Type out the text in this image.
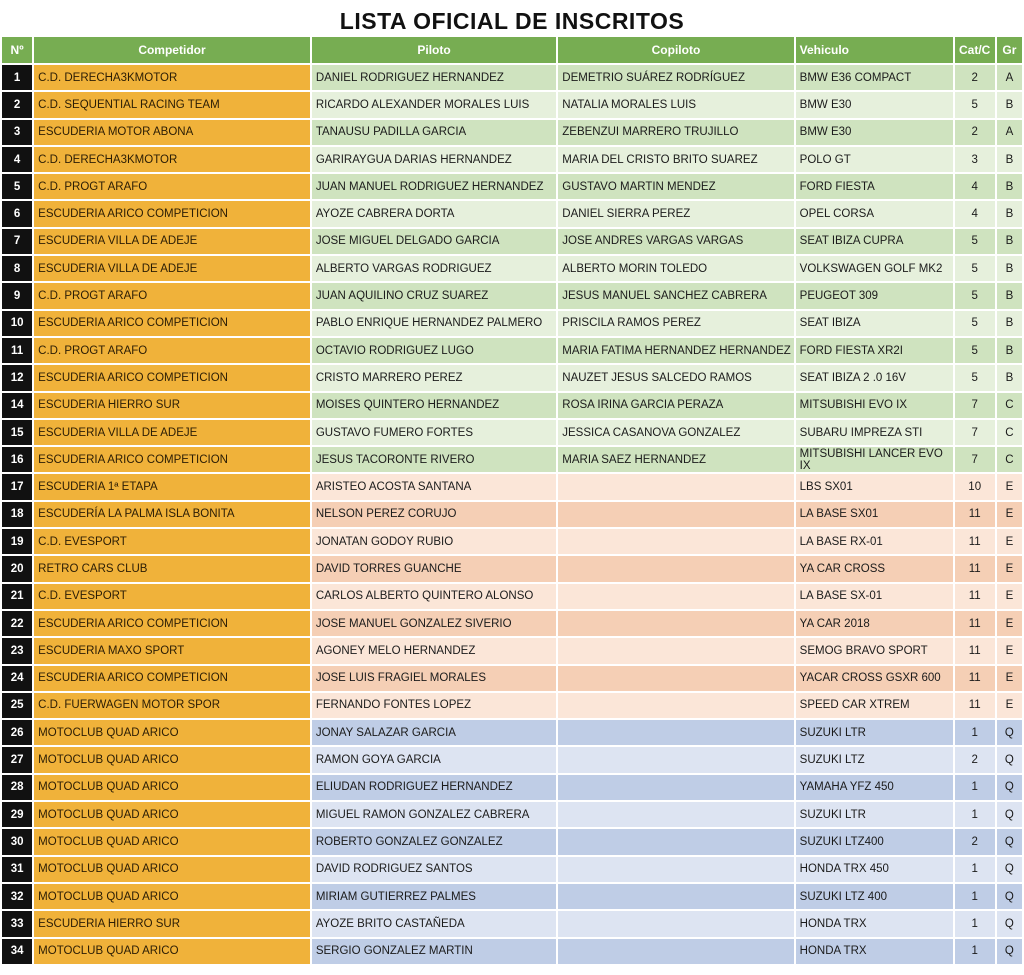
LISTA OFICIAL DE INSCRITOS
Nº	Competidor	Piloto	Copiloto	Vehiculo	Cat/C	Gr
1	C.D. DERECHA3KMOTOR	DANIEL RODRIGUEZ HERNANDEZ	DEMETRIO SUÁREZ RODRÍGUEZ	BMW E36 COMPACT	2	A
2	C.D. SEQUENTIAL RACING TEAM	RICARDO ALEXANDER MORALES LUIS	NATALIA MORALES LUIS	BMW E30	5	B
3	ESCUDERIA MOTOR ABONA	TANAUSU PADILLA GARCIA	ZEBENZUI MARRERO TRUJILLO	BMW E30	2	A
4	C.D. DERECHA3KMOTOR	GARIRAYGUA DARIAS HERNANDEZ	MARIA DEL CRISTO BRITO SUAREZ	POLO GT	3	B
5	C.D. PROGT ARAFO	JUAN MANUEL RODRIGUEZ HERNANDEZ	GUSTAVO MARTIN MENDEZ	FORD FIESTA	4	B
6	ESCUDERIA ARICO COMPETICION	AYOZE CABRERA DORTA	DANIEL SIERRA PEREZ	OPEL CORSA	4	B
7	ESCUDERIA VILLA DE ADEJE	JOSE MIGUEL DELGADO GARCIA	JOSE ANDRES VARGAS VARGAS	SEAT IBIZA CUPRA	5	B
8	ESCUDERIA VILLA DE ADEJE	ALBERTO VARGAS RODRIGUEZ	ALBERTO MORIN TOLEDO	VOLKSWAGEN GOLF MK2	5	B
9	C.D. PROGT ARAFO	JUAN AQUILINO CRUZ SUAREZ	JESUS MANUEL SANCHEZ CABRERA	PEUGEOT 309	5	B
10	ESCUDERIA ARICO COMPETICION	PABLO ENRIQUE HERNANDEZ PALMERO	PRISCILA RAMOS PEREZ	SEAT IBIZA	5	B
11	C.D. PROGT ARAFO	OCTAVIO RODRIGUEZ LUGO	MARIA FATIMA HERNANDEZ HERNANDEZ	FORD FIESTA XR2I	5	B
12	ESCUDERIA ARICO COMPETICION	CRISTO MARRERO PEREZ	NAUZET JESUS SALCEDO RAMOS	SEAT IBIZA 2 .0 16V	5	B
14	ESCUDERIA HIERRO SUR	MOISES QUINTERO HERNANDEZ	ROSA IRINA GARCIA PERAZA	MITSUBISHI EVO IX	7	C
15	ESCUDERIA VILLA DE ADEJE	GUSTAVO FUMERO FORTES	JESSICA CASANOVA GONZALEZ	SUBARU IMPREZA STI	7	C
16	ESCUDERIA ARICO COMPETICION	JESUS TACORONTE RIVERO	MARIA SAEZ HERNANDEZ	MITSUBISHI LANCER EVO IX	7	C
17	ESCUDERIA 1ª ETAPA	ARISTEO ACOSTA SANTANA		LBS SX01	10	E
18	ESCUDERÍA LA PALMA ISLA BONITA	NELSON PEREZ CORUJO		LA BASE SX01	11	E
19	C.D. EVESPORT	JONATAN GODOY RUBIO		LA BASE RX-01	11	E
20	RETRO CARS CLUB	DAVID TORRES GUANCHE		YA CAR CROSS	11	E
21	C.D. EVESPORT	CARLOS ALBERTO QUINTERO ALONSO		LA BASE SX-01	11	E
22	ESCUDERIA ARICO COMPETICION	JOSE MANUEL GONZALEZ SIVERIO		YA CAR 2018	11	E
23	ESCUDERIA MAXO SPORT	AGONEY MELO HERNANDEZ		SEMOG BRAVO SPORT	11	E
24	ESCUDERIA ARICO COMPETICION	JOSE LUIS FRAGIEL MORALES		YACAR CROSS GSXR 600	11	E
25	C.D. FUERWAGEN MOTOR SPOR	FERNANDO FONTES LOPEZ		SPEED CAR XTREM	11	E
26	MOTOCLUB QUAD ARICO	JONAY SALAZAR GARCIA		SUZUKI LTR	1	Q
27	MOTOCLUB QUAD ARICO	RAMON GOYA GARCIA		SUZUKI LTZ	2	Q
28	MOTOCLUB QUAD ARICO	ELIUDAN RODRIGUEZ HERNANDEZ		YAMAHA YFZ 450	1	Q
29	MOTOCLUB QUAD ARICO	MIGUEL RAMON GONZALEZ CABRERA		SUZUKI LTR	1	Q
30	MOTOCLUB QUAD ARICO	ROBERTO GONZALEZ GONZALEZ		SUZUKI LTZ400	2	Q
31	MOTOCLUB QUAD ARICO	DAVID RODRIGUEZ SANTOS		HONDA TRX 450	1	Q
32	MOTOCLUB QUAD ARICO	MIRIAM GUTIERREZ PALMES		SUZUKI LTZ 400	1	Q
33	ESCUDERIA HIERRO SUR	AYOZE BRITO CASTAÑEDA		HONDA TRX	1	Q
34	MOTOCLUB QUAD ARICO	SERGIO GONZALEZ MARTIN		HONDA TRX	1	Q
